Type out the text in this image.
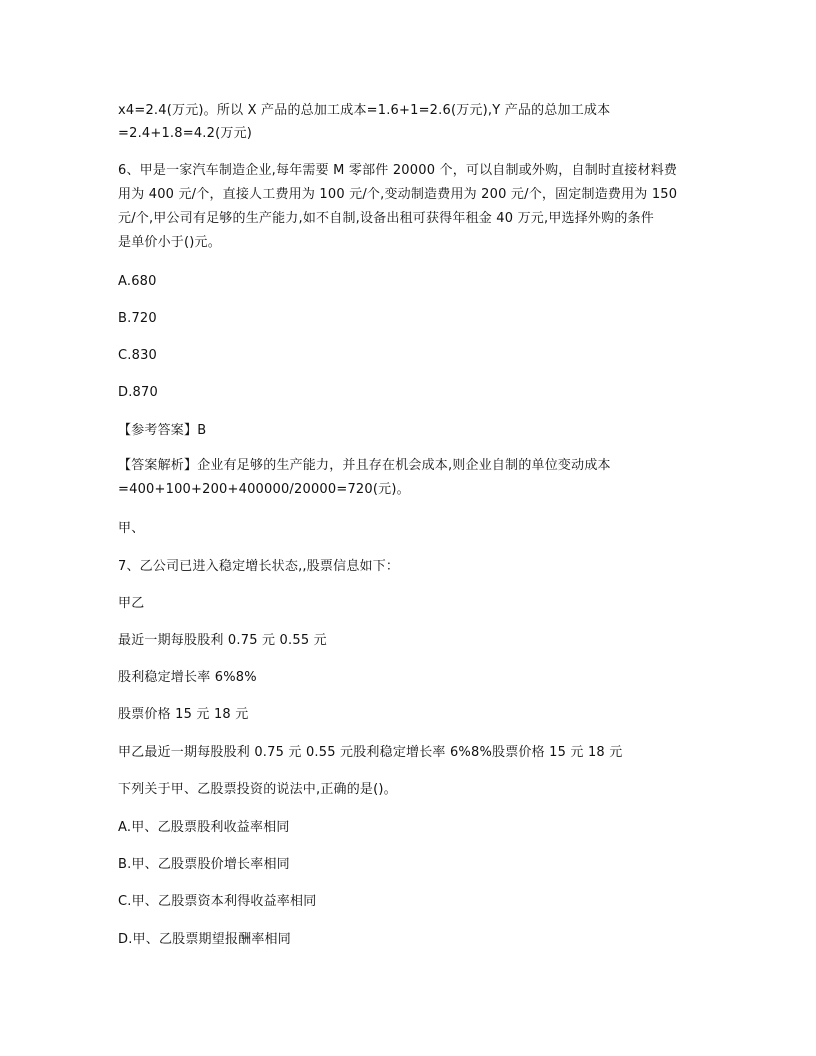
x4=2.4(万元)。所以 X 产品的总加工成本=1.6+1=2.6(万元),Y 产品的总加工成本
=2.4+1.8=4.2(万元)
6、甲是一家汽车制造企业,每年需要 M 零部件 20000 个，可以自制或外购，自制时直接材料费
用为 400 元/个，直接人工费用为 100 元/个,变动制造费用为 200 元/个，固定制造费用为 150
元/个,甲公司有足够的生产能力,如不自制,设备出租可获得年租金 40 万元,甲选择外购的条件
是单价小于()元。
A.680
B.720
C.830
D.870
【参考答案】B
【答案解析】企业有足够的生产能力，并且存在机会成本,则企业自制的单位变动成本
=400+100+200+400000/20000=720(元)。
甲、
7、乙公司已进入稳定增长状态,,股票信息如下：
甲乙
最近一期每股股利 0.75 元 0.55 元
股利稳定增长率 6%8%
股票价格 15 元 18 元
甲乙最近一期每股股利 0.75 元 0.55 元股利稳定增长率 6%8%股票价格 15 元 18 元
下列关于甲、乙股票投资的说法中,正确的是()。
A.甲、乙股票股利收益率相同
B.甲、乙股票股价增长率相同
C.甲、乙股票资本利得收益率相同
D.甲、乙股票期望报酬率相同
